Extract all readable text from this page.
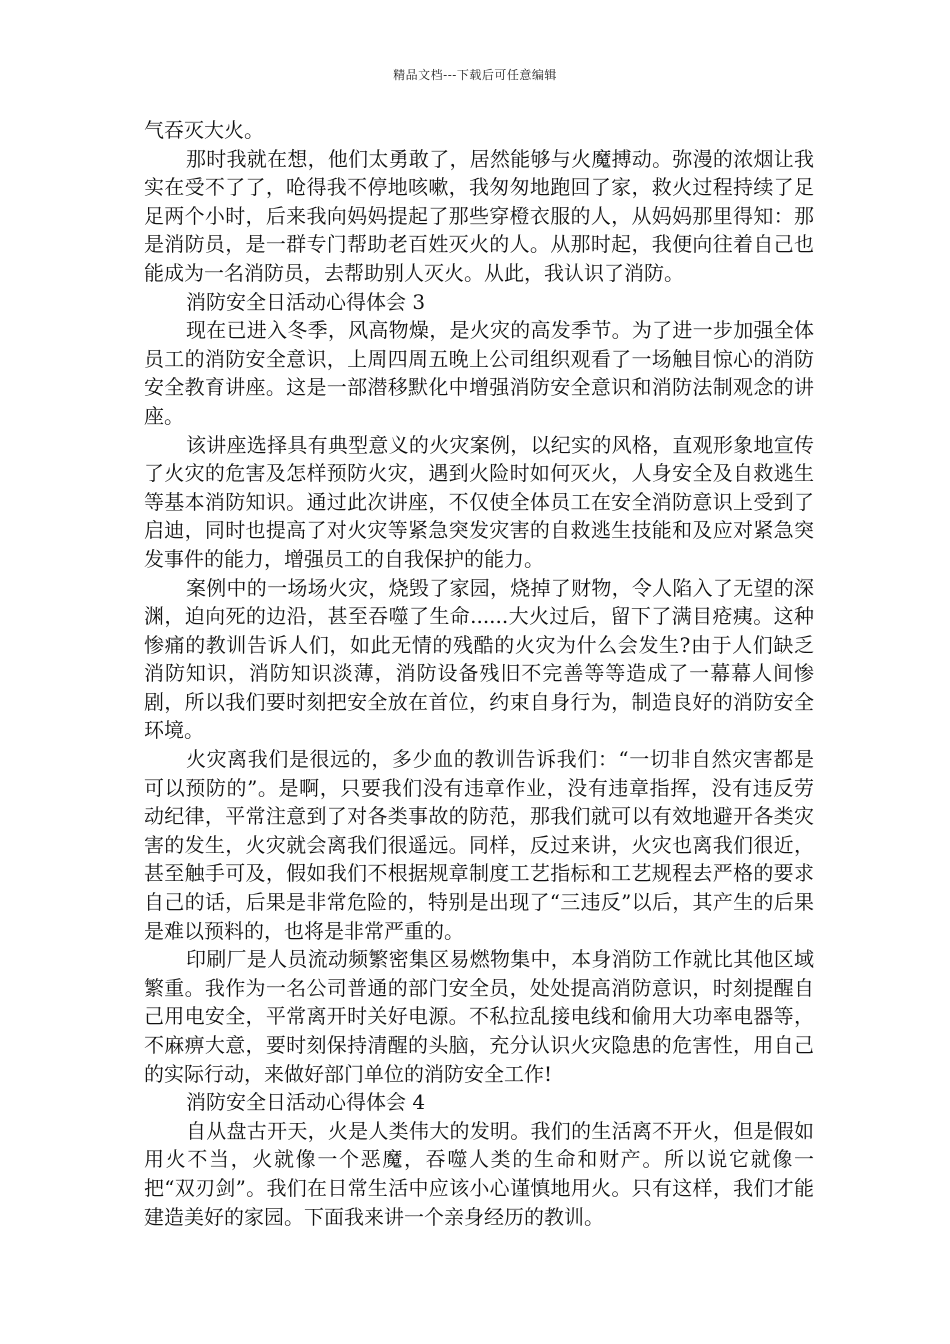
精品文档---下载后可任意编辑

气吞灭大火。

那时我就在想，他们太勇敢了，居然能够与火魔搏动。弥漫的浓烟让我实在受不了了，呛得我不停地咳嗽，我匆匆地跑回了家，救火过程持续了足足两个小时，后来我向妈妈提起了那些穿橙衣服的人，从妈妈那里得知：那是消防员，是一群专门帮助老百姓灭火的人。从那时起，我便向往着自己也能成为一名消防员，去帮助别人灭火。从此，我认识了消防。

消防安全日活动心得体会 3

现在已进入冬季，风高物燥，是火灾的高发季节。为了进一步加强全体员工的消防安全意识，上周四周五晚上公司组织观看了一场触目惊心的消防安全教育讲座。这是一部潜移默化中增强消防安全意识和消防法制观念的讲座。

该讲座选择具有典型意义的火灾案例，以纪实的风格，直观形象地宣传了火灾的危害及怎样预防火灾，遇到火险时如何灭火，人身安全及自救逃生等基本消防知识。通过此次讲座，不仅使全体员工在安全消防意识上受到了启迪，同时也提高了对火灾等紧急突发灾害的自救逃生技能和及应对紧急突发事件的能力，增强员工的自我保护的能力。

案例中的一场场火灾，烧毁了家园，烧掉了财物，令人陷入了无望的深渊，迫向死的边沿，甚至吞噬了生命......大火过后，留下了满目疮痍。这种惨痛的教训告诉人们，如此无情的残酷的火灾为什么会发生?由于人们缺乏消防知识，消防知识淡薄，消防设备残旧不完善等等造成了一幕幕人间惨剧，所以我们要时刻把安全放在首位，约束自身行为，制造良好的消防安全环境。

火灾离我们是很远的，多少血的教训告诉我们：“一切非自然灾害都是可以预防的”。是啊，只要我们没有违章作业，没有违章指挥，没有违反劳动纪律，平常注意到了对各类事故的防范，那我们就可以有效地避开各类灾害的发生，火灾就会离我们很遥远。同样，反过来讲，火灾也离我们很近，甚至触手可及，假如我们不根据规章制度工艺指标和工艺规程去严格的要求自己的话，后果是非常危险的，特别是出现了“三违反”以后，其产生的后果是难以预料的，也将是非常严重的。

印刷厂是人员流动频繁密集区易燃物集中，本身消防工作就比其他区域繁重。我作为一名公司普通的部门安全员，处处提高消防意识，时刻提醒自己用电安全，平常离开时关好电源。不私拉乱接电线和偷用大功率电器等，不麻痹大意，要时刻保持清醒的头脑，充分认识火灾隐患的危害性，用自己的实际行动，来做好部门单位的消防安全工作!

消防安全日活动心得体会 4

自从盘古开天，火是人类伟大的发明。我们的生活离不开火，但是假如用火不当，火就像一个恶魔，吞噬人类的生命和财产。所以说它就像一把“双刃剑”。我们在日常生活中应该小心谨慎地用火。只有这样，我们才能建造美好的家园。下面我来讲一个亲身经历的教训。
